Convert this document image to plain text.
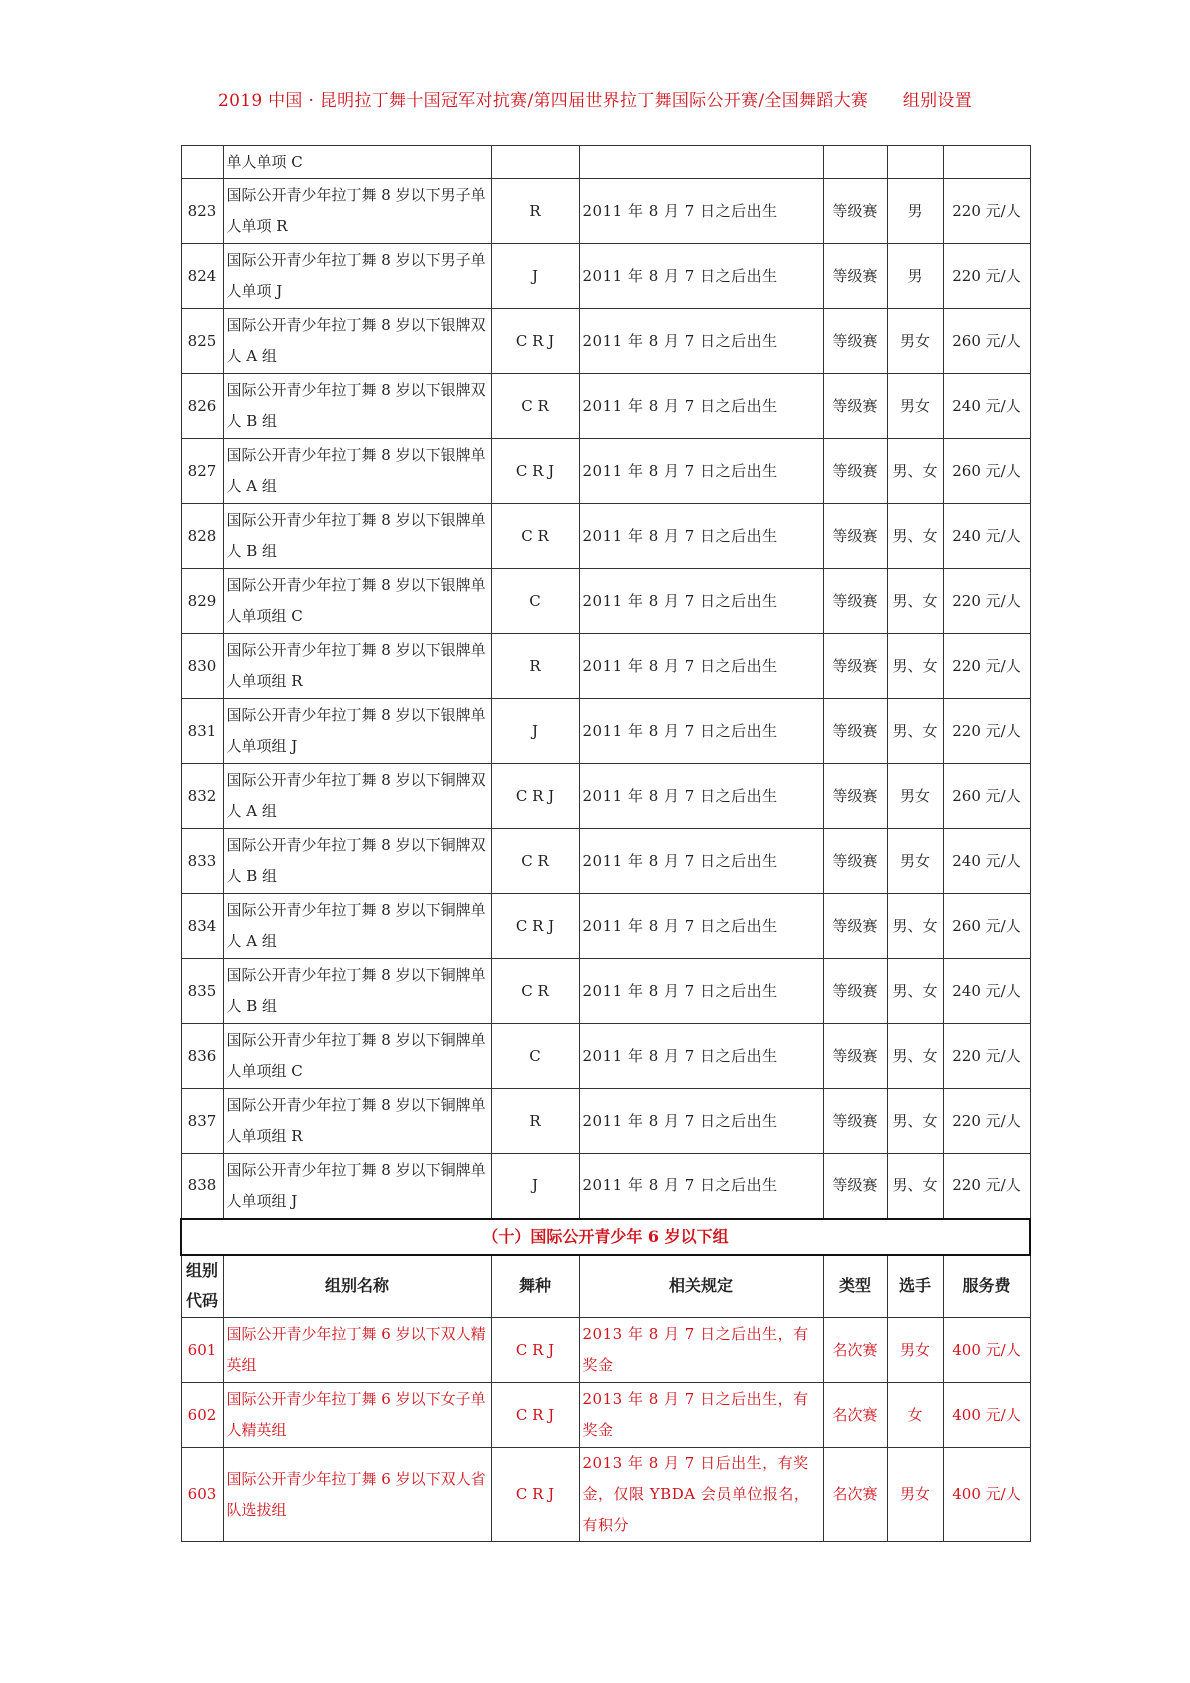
2019 中国 · 昆明拉丁舞十国冠军对抗赛/第四届世界拉丁舞国际公开赛/全国舞蹈大赛　　组别设置
	单人单项 C					
823	国际公开青少年拉丁舞 8 岁以下男子单人单项 R	R	2011 年 8 月 7 日之后出生	等级赛	男	220 元/人
824	国际公开青少年拉丁舞 8 岁以下男子单人单项 J	J	2011 年 8 月 7 日之后出生	等级赛	男	220 元/人
825	国际公开青少年拉丁舞 8 岁以下银牌双人 A 组	C R J	2011 年 8 月 7 日之后出生	等级赛	男女	260 元/人
826	国际公开青少年拉丁舞 8 岁以下银牌双人 B 组	C R	2011 年 8 月 7 日之后出生	等级赛	男女	240 元/人
827	国际公开青少年拉丁舞 8 岁以下银牌单人 A 组	C R J	2011 年 8 月 7 日之后出生	等级赛	男、女	260 元/人
828	国际公开青少年拉丁舞 8 岁以下银牌单人 B 组	C R	2011 年 8 月 7 日之后出生	等级赛	男、女	240 元/人
829	国际公开青少年拉丁舞 8 岁以下银牌单人单项组 C	C	2011 年 8 月 7 日之后出生	等级赛	男、女	220 元/人
830	国际公开青少年拉丁舞 8 岁以下银牌单人单项组 R	R	2011 年 8 月 7 日之后出生	等级赛	男、女	220 元/人
831	国际公开青少年拉丁舞 8 岁以下银牌单人单项组 J	J	2011 年 8 月 7 日之后出生	等级赛	男、女	220 元/人
832	国际公开青少年拉丁舞 8 岁以下铜牌双人 A 组	C R J	2011 年 8 月 7 日之后出生	等级赛	男女	260 元/人
833	国际公开青少年拉丁舞 8 岁以下铜牌双人 B 组	C R	2011 年 8 月 7 日之后出生	等级赛	男女	240 元/人
834	国际公开青少年拉丁舞 8 岁以下铜牌单人 A 组	C R J	2011 年 8 月 7 日之后出生	等级赛	男、女	260 元/人
835	国际公开青少年拉丁舞 8 岁以下铜牌单人 B 组	C R	2011 年 8 月 7 日之后出生	等级赛	男、女	240 元/人
836	国际公开青少年拉丁舞 8 岁以下铜牌单人单项组 C	C	2011 年 8 月 7 日之后出生	等级赛	男、女	220 元/人
837	国际公开青少年拉丁舞 8 岁以下铜牌单人单项组 R	R	2011 年 8 月 7 日之后出生	等级赛	男、女	220 元/人
838	国际公开青少年拉丁舞 8 岁以下铜牌单人单项组 J	J	2011 年 8 月 7 日之后出生	等级赛	男、女	220 元/人
（十）国际公开青少年 6 岁以下组						
组别代码	组别名称	舞种	相关规定	类型	选手	服务费
601	国际公开青少年拉丁舞 6 岁以下双人精英组	C R J	2013 年 8 月 7 日之后出生，有奖金	名次赛	男女	400 元/人
602	国际公开青少年拉丁舞 6 岁以下女子单人精英组	C R J	2013 年 8 月 7 日之后出生，有奖金	名次赛	女	400 元/人
603	国际公开青少年拉丁舞 6 岁以下双人省队选拔组	C R J	2013 年 8 月 7 日后出生，有奖金，仅限 YBDA 会员单位报名，有积分	名次赛	男女	400 元/人
